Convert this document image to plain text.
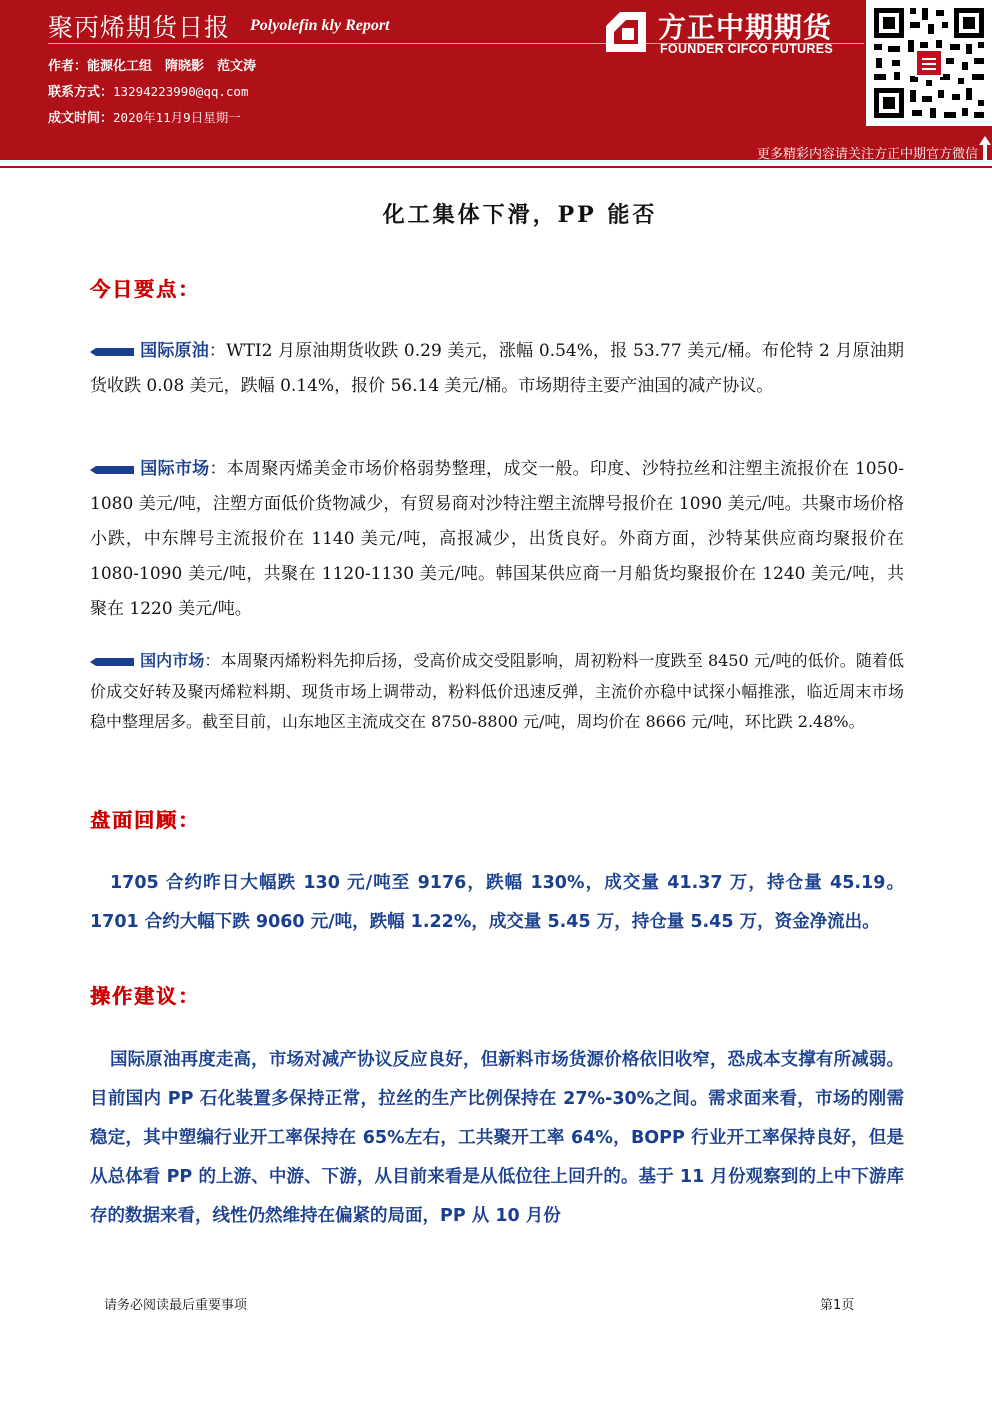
聚丙烯期货日报 Polyolefin kly Report
作者：能源化工组　隋晓影　范文涛
联系方式：13294223990@qq.com
成文时间：2020年11月9日星期一
方正中期期货
FOUNDER CIFCO FUTURES
更多精彩内容请关注方正中期官方微信
化工集体下滑，PP 能否
今日要点：
国际原油：WTI2 月原油期货收跌 0.29 美元，涨幅 0.54%，报 53.77 美元/桶。布伦特 2 月原油期货收跌 0.08 美元，跌幅 0.14%，报价 56.14 美元/桶。市场期待主要产油国的减产协议。
国际市场：本周聚丙烯美金市场价格弱势整理，成交一般。印度、沙特拉丝和注塑主流报价在 1050-1080 美元/吨，注塑方面低价货物减少，有贸易商对沙特注塑主流牌号报价在 1090 美元/吨。共聚市场价格小跌，中东牌号主流报价在 1140 美元/吨，高报减少，出货良好。外商方面，沙特某供应商均聚报价在 1080-1090 美元/吨，共聚在 1120-1130 美元/吨。韩国某供应商一月船货均聚报价在 1240 美元/吨，共聚在 1220 美元/吨。
国内市场：本周聚丙烯粉料先抑后扬，受高价成交受阻影响，周初粉料一度跌至 8450 元/吨的低价。随着低价成交好转及聚丙烯粒料期、现货市场上调带动，粉料低价迅速反弹，主流价亦稳中试探小幅推涨，临近周末市场稳中整理居多。截至目前，山东地区主流成交在 8750-8800 元/吨，周均价在 8666 元/吨，环比跌 2.48%。
盘面回顾：
1705 合约昨日大幅跌 130 元/吨至 9176，跌幅 130%，成交量 41.37 万，持仓量 45.19。1701 合约大幅下跌 9060 元/吨，跌幅 1.22%，成交量 5.45 万，持仓量 5.45 万，资金净流出。
操作建议：
国际原油再度走高，市场对减产协议反应良好，但新料市场货源价格依旧收窄，恐成本支撑有所减弱。目前国内 PP 石化装置多保持正常，拉丝的生产比例保持在 27%-30%之间。需求面来看，市场的刚需稳定，其中塑编行业开工率保持在 65%左右，工共聚开工率 64%，BOPP 行业开工率保持良好，但是从总体看 PP 的上游、中游、下游，从目前来看是从低位往上回升的。基于 11 月份观察到的上中下游库存的数据来看，线性仍然维持在偏紧的局面，PP 从 10 月份
请务必阅读最后重要事项	第1页
